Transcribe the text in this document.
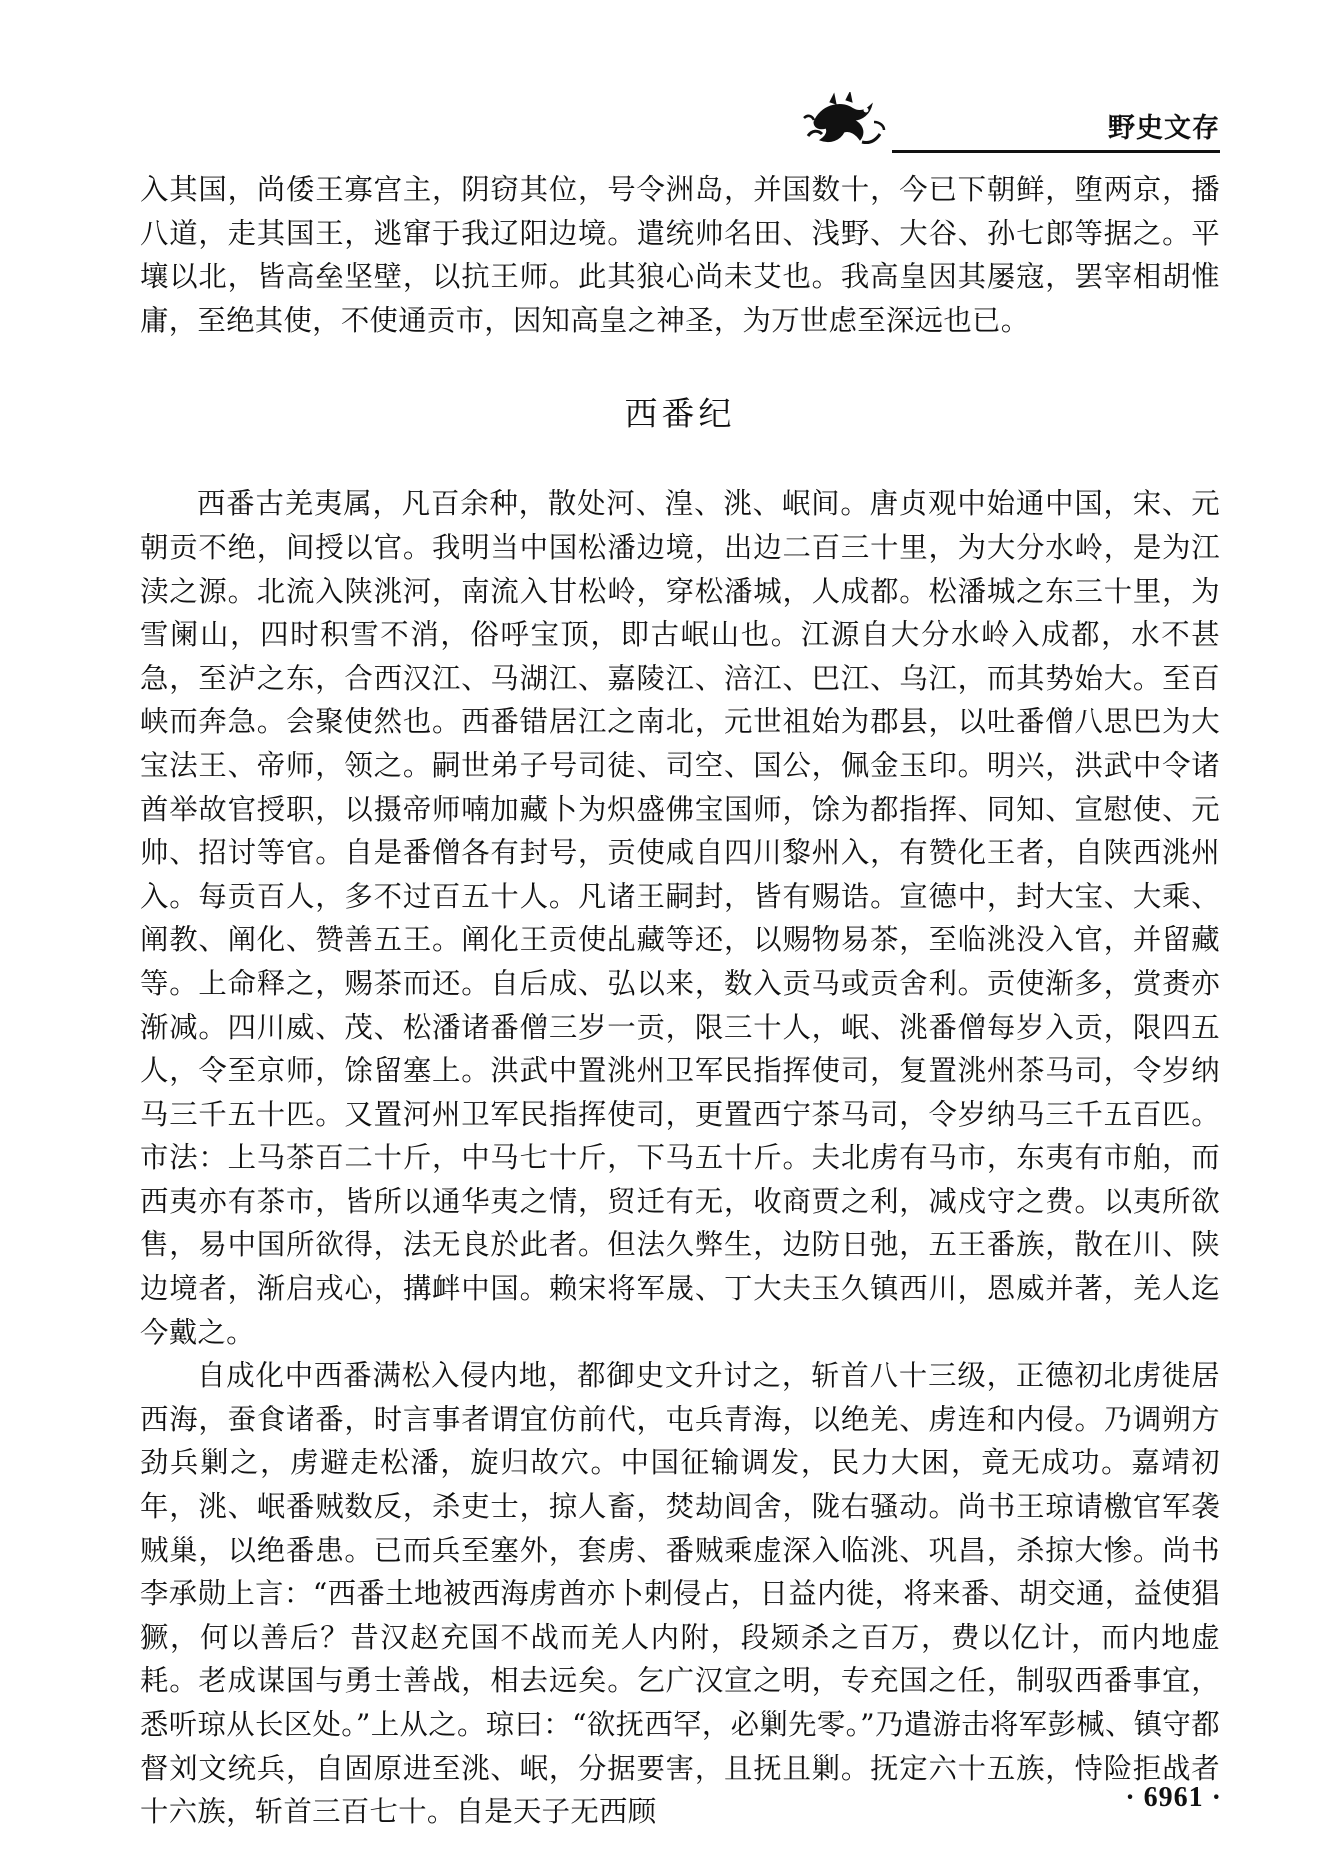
野史文存

入其国，尚倭王寡宫主，阴窃其位，号令洲岛，并国数十，今已下朝鲜，堕两京，播八道，走其国王，逃窜于我辽阳边境。遣统帅名田、浅野、大谷、孙七郎等据之。平壤以北，皆高垒坚壁，以抗王师。此其狼心尚未艾也。我高皇因其屡寇，罢宰相胡惟庸，至绝其使，不使通贡市，因知高皇之神圣，为万世虑至深远也已。

西番纪

西番古羌夷属，凡百余种，散处河、湟、洮、岷间。唐贞观中始通中国，宋、元朝贡不绝，间授以官。我明当中国松潘边境，出边二百三十里，为大分水岭，是为江渎之源。北流入陕洮河，南流入甘松岭，穿松潘城，人成都。松潘城之东三十里，为雪阑山，四时积雪不消，俗呼宝顶，即古岷山也。江源自大分水岭入成都，水不甚急，至泸之东，合西汉江、马湖江、嘉陵江、涪江、巴江、乌江，而其势始大。至百峡而奔急。会聚使然也。西番错居江之南北，元世祖始为郡县，以吐番僧八思巴为大宝法王、帝师，领之。嗣世弟子号司徒、司空、国公，佩金玉印。明兴，洪武中令诸酋举故官授职，以摄帝师喃加藏卜为炽盛佛宝国师，馀为都指挥、同知、宣慰使、元帅、招讨等官。自是番僧各有封号，贡使咸自四川黎州入，有赞化王者，自陕西洮州入。每贡百人，多不过百五十人。凡诸王嗣封，皆有赐诰。宣德中，封大宝、大乘、阐教、阐化、赞善五王。阐化王贡使乩藏等还，以赐物易茶，至临洮没入官，并留藏等。上命释之，赐茶而还。自后成、弘以来，数入贡马或贡舍利。贡使渐多，赏赉亦渐减。四川威、茂、松潘诸番僧三岁一贡，限三十人，岷、洮番僧每岁入贡，限四五人，令至京师，馀留塞上。洪武中置洮州卫军民指挥使司，复置洮州茶马司，令岁纳马三千五十匹。又置河州卫军民指挥使司，更置西宁茶马司，令岁纳马三千五百匹。市法：上马茶百二十斤，中马七十斤，下马五十斤。夫北虏有马市，东夷有市舶，而西夷亦有茶市，皆所以通华夷之情，贸迁有无，收商贾之利，减戍守之费。以夷所欲售，易中国所欲得，法无良於此者。但法久弊生，边防日弛，五王番族，散在川、陕边境者，渐启戎心，搆衅中国。赖宋将军晟、丁大夫玉久镇西川，恩威并著，羌人迄今戴之。

自成化中西番满松入侵内地，都御史文升讨之，斩首八十三级，正德初北虏徙居西海，蚕食诸番，时言事者谓宜仿前代，屯兵青海，以绝羌、虏连和内侵。乃调朔方劲兵剿之，虏避走松潘，旋归故穴。中国征输调发，民力大困，竟无成功。嘉靖初年，洮、岷番贼数反，杀吏士，掠人畜，焚劫闾舍，陇右骚动。尚书王琼请檄官军袭贼巢，以绝番患。已而兵至塞外，套虏、番贼乘虚深入临洮、巩昌，杀掠大惨。尚书李承勋上言：“西番土地被西海虏酋亦卜剌侵占，日益内徙，将来番、胡交通，益使猖獗，何以善后？昔汉赵充国不战而羌人内附，段颎杀之百万，费以亿计，而内地虚耗。老成谋国与勇士善战，相去远矣。乞广汉宣之明，专充国之任，制驭西番事宜，悉听琼从长区处。”上从之。琼曰：“欲抚西罕，必剿先零。”乃遣游击将军彭椷、镇守都督刘文统兵，自固原进至洮、岷，分据要害，且抚且剿。抚定六十五族，恃险拒战者十六族，斩首三百七十。自是天子无西顾	· 6961 ·
